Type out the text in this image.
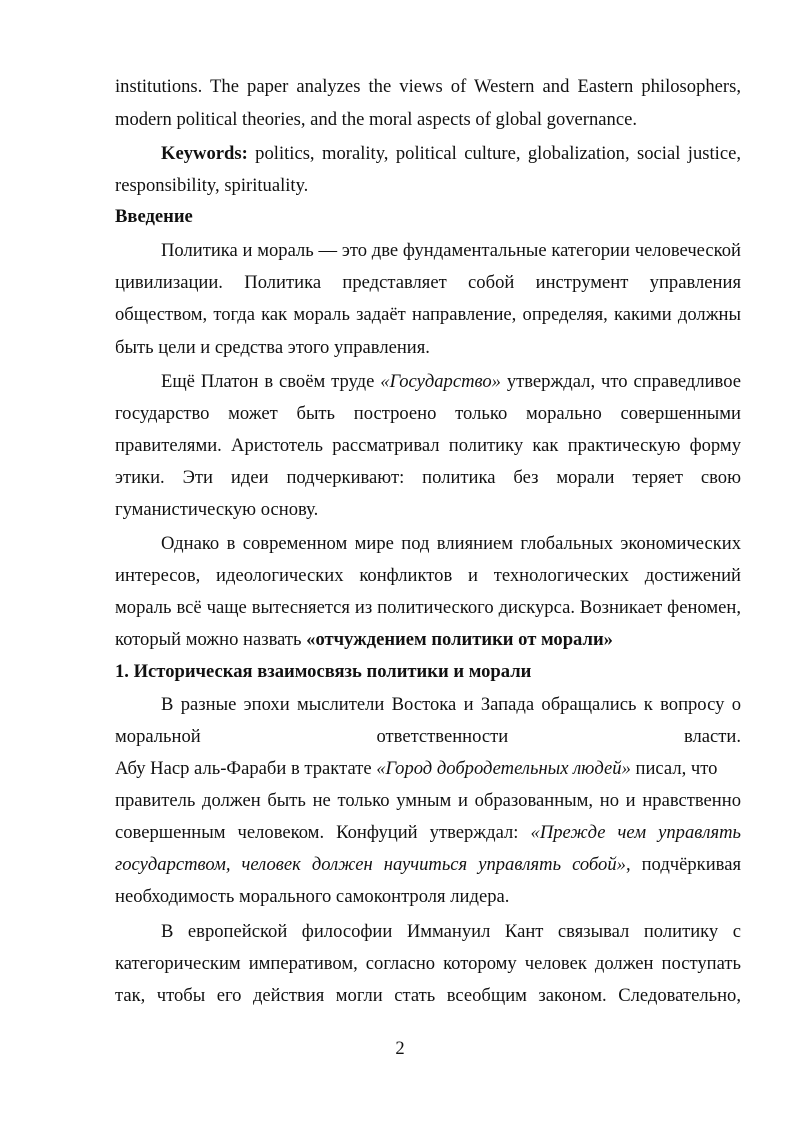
institutions. The paper analyzes the views of Western and Eastern philosophers,
modern political theories, and the moral aspects of global governance.
Keywords: politics, morality, political culture, globalization, social justice,
responsibility, spirituality.
Введение
Политика и мораль — это две фундаментальные категории человеческой
цивилизации. Политика представляет собой инструмент управления
обществом, тогда как мораль задаёт направление, определяя, какими должны
быть цели и средства этого управления.
Ещё Платон в своём труде «Государство» утверждал, что справедливое
государство может быть построено только морально совершенными
правителями. Аристотель рассматривал политику как практическую форму
этики. Эти идеи подчеркивают: политика без морали теряет свою
гуманистическую основу.
Однако в современном мире под влиянием глобальных экономических
интересов, идеологических конфликтов и технологических достижений
мораль всё чаще вытесняется из политического дискурса. Возникает феномен,
который можно назвать «отчуждением политики от морали»
1. Историческая взаимосвязь политики и морали
В разные эпохи мыслители Востока и Запада обращались к вопросу о
моральной ответственности власти.
Абу Наср аль-Фараби в трактате «Город добродетельных людей» писал, что
правитель должен быть не только умным и образованным, но и нравственно
совершенным человеком. Конфуций утверждал: «Прежде чем управлять
государством, человек должен научиться управлять собой», подчёркивая
необходимость морального самоконтроля лидера.
В европейской философии Иммануил Кант связывал политику с
категорическим императивом, согласно которому человек должен поступать
так, чтобы его действия могли стать всеобщим законом. Следовательно,
2
